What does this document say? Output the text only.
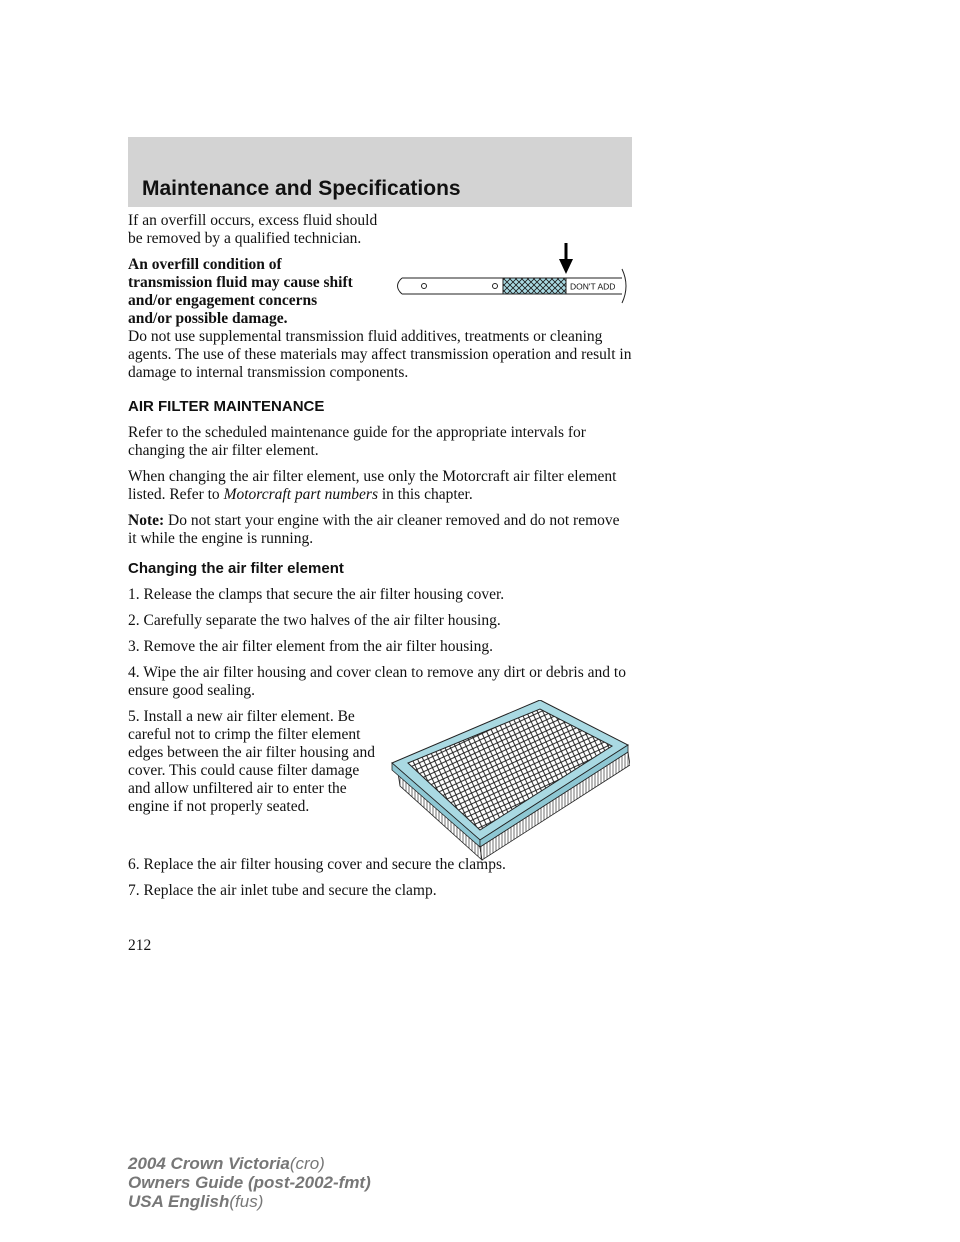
Maintenance and Specifications
DON'T ADD

If an overfill occurs, excess fluid should be removed by a qualified technician.

An overfill condition of transmission fluid may cause shift and/or engagement concerns and/or possible damage.

Do not use supplemental transmission fluid additives, treatments or cleaning agents. The use of these materials may affect transmission operation and result in damage to internal transmission components.

AIR FILTER MAINTENANCE

Refer to the scheduled maintenance guide for the appropriate intervals for changing the air filter element.

When changing the air filter element, use only the Motorcraft air filter element listed. Refer to Motorcraft part numbers in this chapter.

Note: Do not start your engine with the air cleaner removed and do not remove it while the engine is running.

Changing the air filter element

1. Release the clamps that secure the air filter housing cover.

2. Carefully separate the two halves of the air filter housing.

3. Remove the air filter element from the air filter housing.

4. Wipe the air filter housing and cover clean to remove any dirt or debris and to ensure good sealing.

5. Install a new air filter element. Be careful not to crimp the filter element edges between the air filter housing and cover. This could cause filter damage and allow unfiltered air to enter the engine if not properly seated.

6. Replace the air filter housing cover and secure the clamps.

7. Replace the air inlet tube and secure the clamp.

212

2004 Crown Victoria(cro)
Owners Guide (post-2002-fmt)
USA English(fus)
